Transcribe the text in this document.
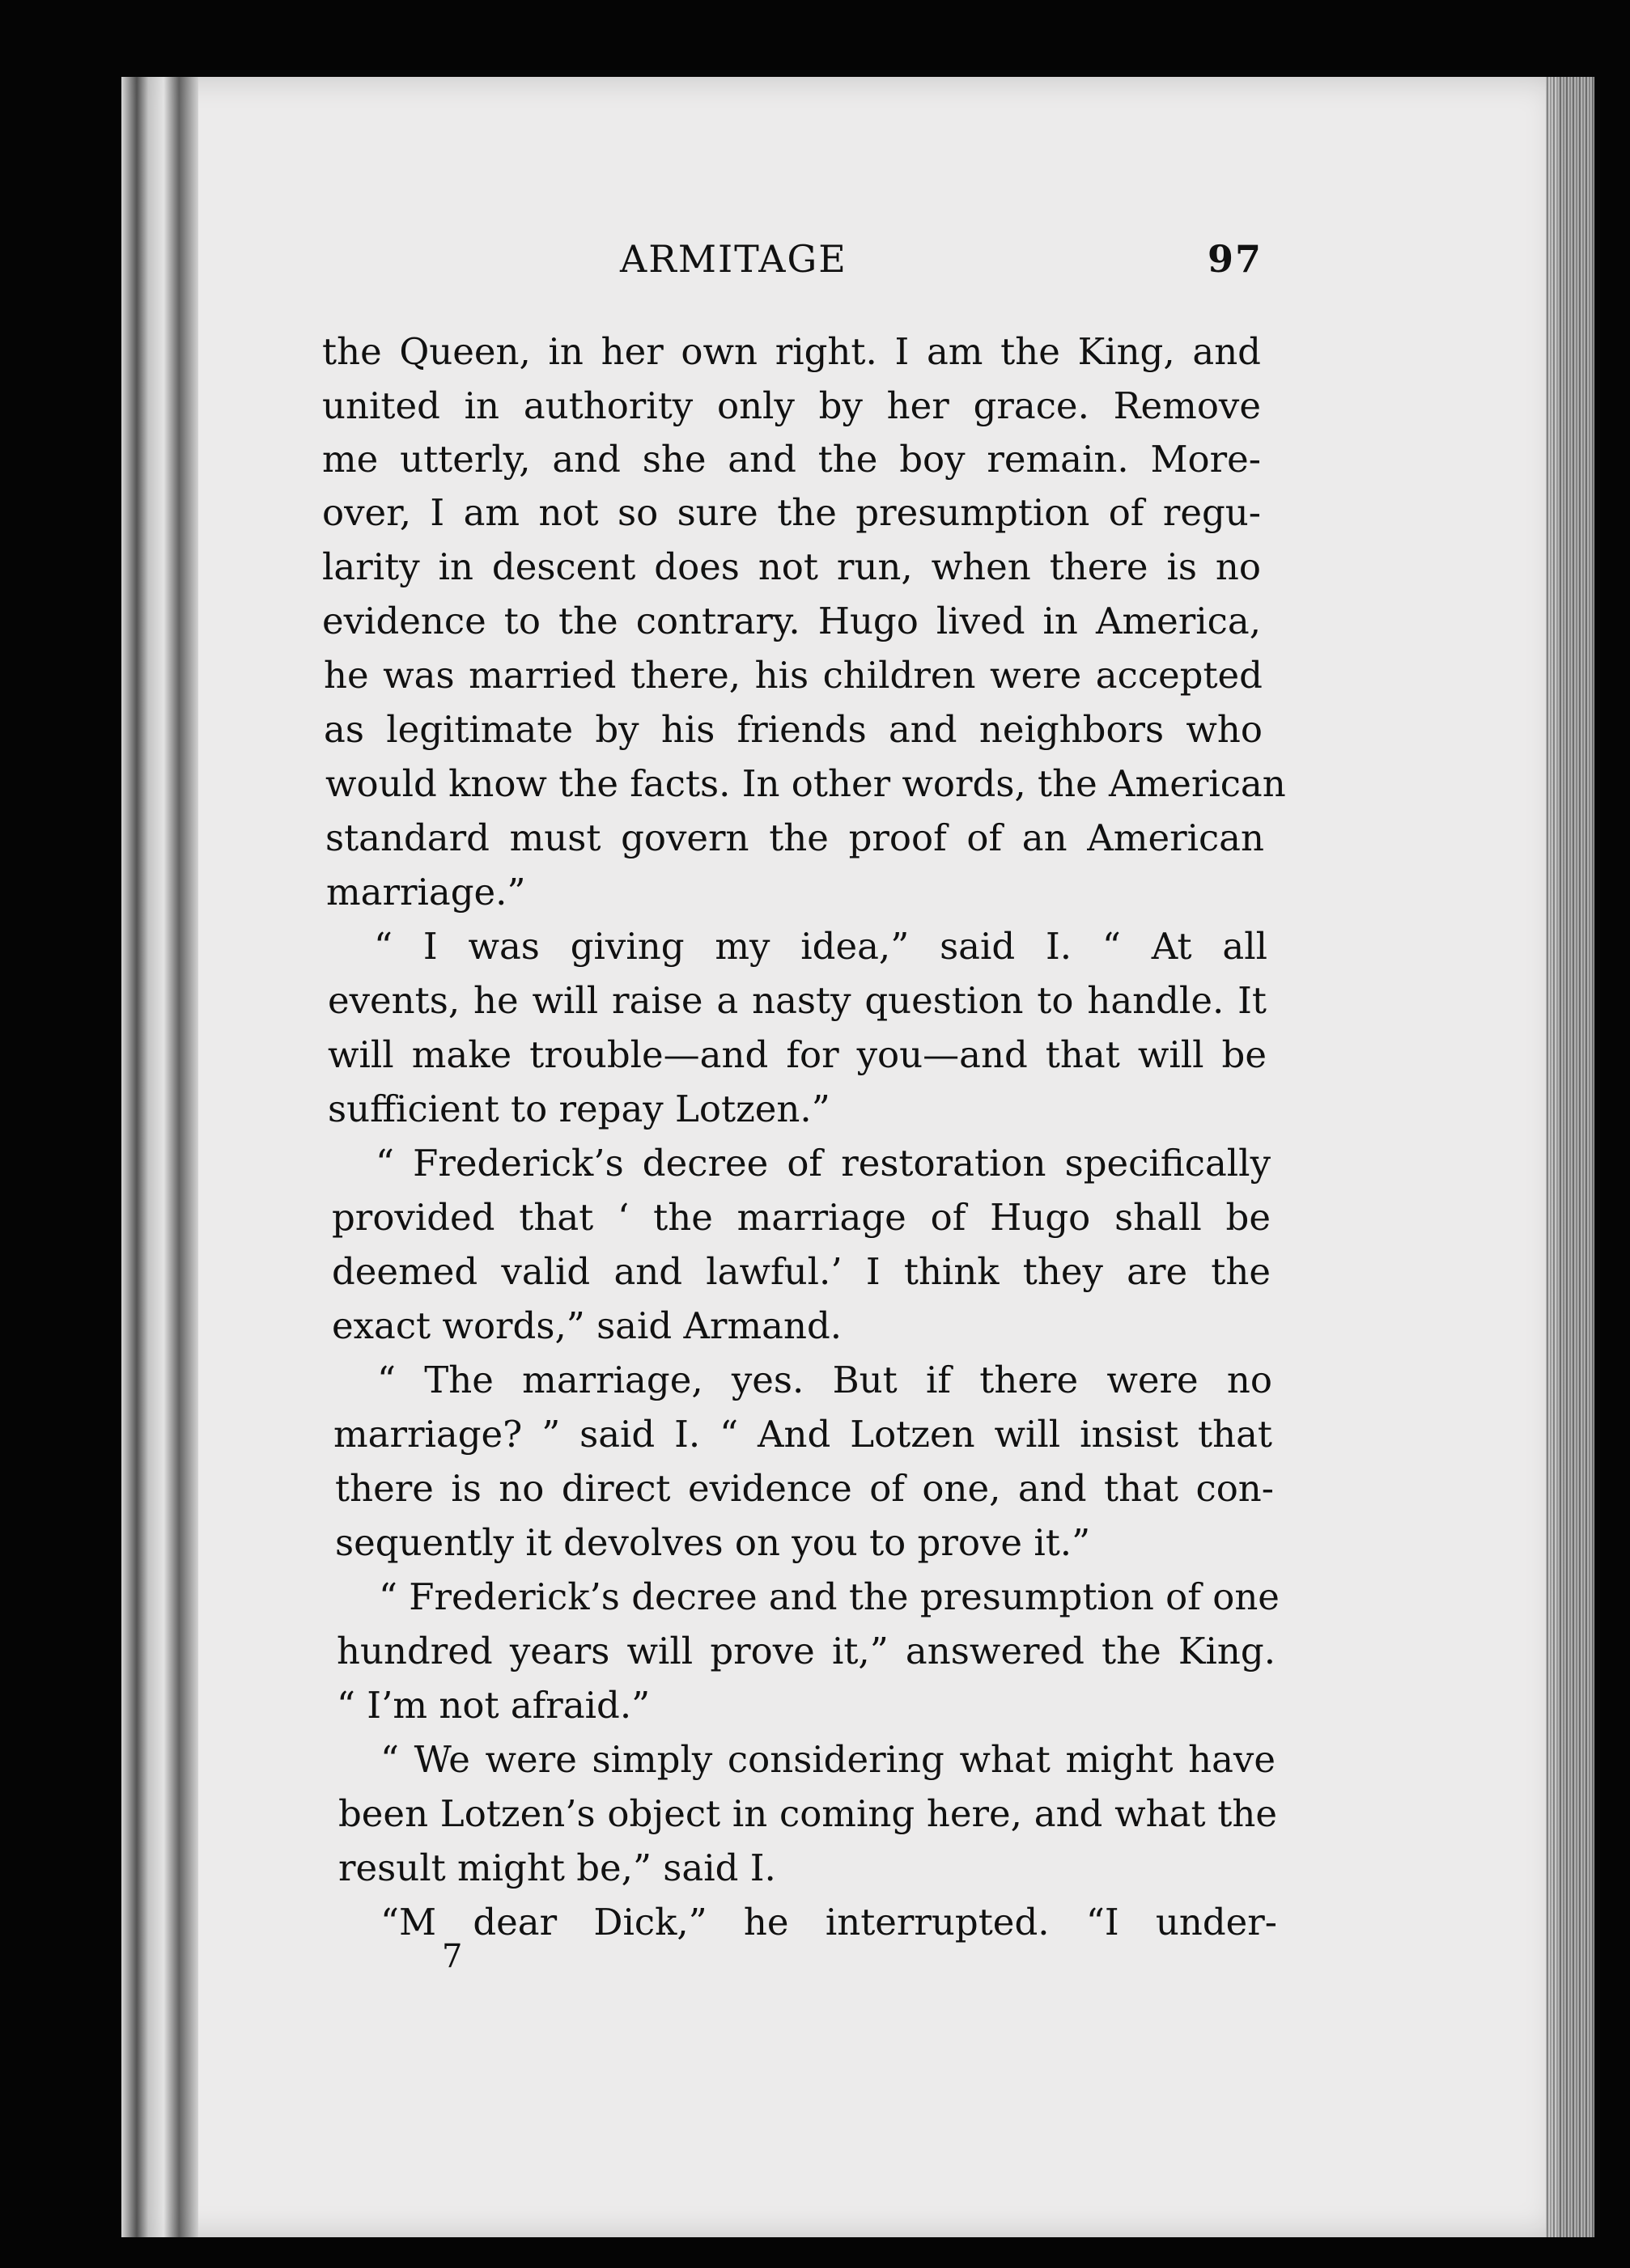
ARMITAGE	97
the Queen, in her own right. I am the King, and
united in authority only by her grace. Remove
me utterly, and she and the boy remain. More-
over, I am not so sure the presumption of regu-
larity in descent does not run, when there is no
evidence to the contrary. Hugo lived in America,
he was married there, his children were accepted
as legitimate by his friends and neighbors who
would know the facts. In other words, the American
standard must govern the proof of an American
marriage.”
“ I was giving my idea,” said I. “ At all
events, he will raise a nasty question to handle. It
will make trouble—and for you—and that will be
sufficient to repay Lotzen.”
“ Frederick’s decree of restoration specifically
provided that ‘ the marriage of Hugo shall be
deemed valid and lawful.’ I think they are the
exact words,” said Armand.
“ The marriage, yes. But if there were no
marriage? ” said I. “ And Lotzen will insist that
there is no direct evidence of one, and that con-
sequently it devolves on you to prove it.”
“ Frederick’s decree and the presumption of one
hundred years will prove it,” answered the King.
“ I’m not afraid.”
“ We were simply considering what might have
been Lotzen’s object in coming here, and what the
result might be,” said I.
“M dear Dick,” he interrupted. “I under-
7
